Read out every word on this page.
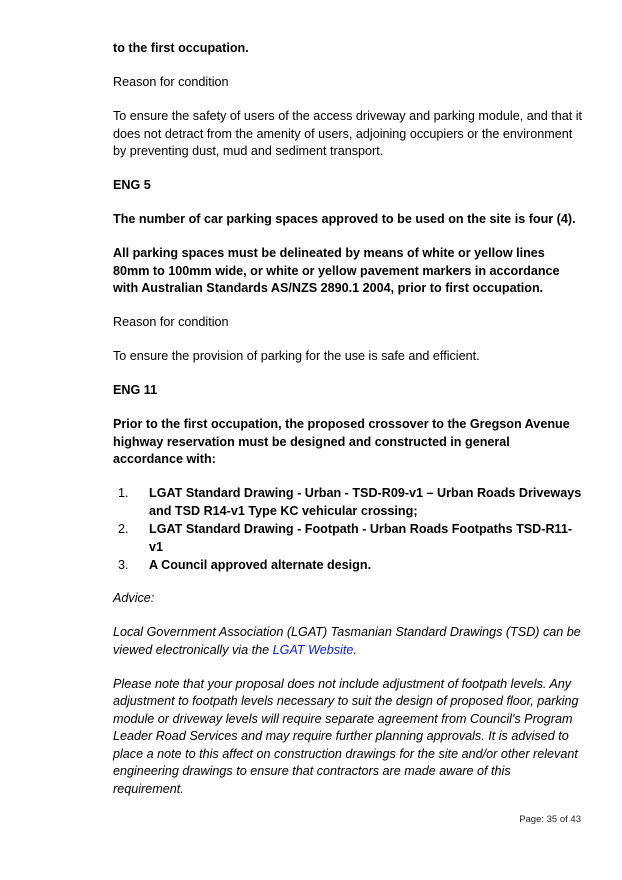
to the first occupation.

Reason for condition

To ensure the safety of users of the access driveway and parking module, and that it does not detract from the amenity of users, adjoining occupiers or the environment by preventing dust, mud and sediment transport.

ENG 5

The number of car parking spaces approved to be used on the site is four (4).

All parking spaces must be delineated by means of white or yellow lines 80mm to 100mm wide, or white or yellow pavement markers in accordance with Australian Standards AS/NZS 2890.1 2004, prior to first occupation.

Reason for condition

To ensure the provision of parking for the use is safe and efficient.

ENG 11

Prior to the first occupation, the proposed crossover to the Gregson Avenue highway reservation must be designed and constructed in general accordance with:

1. LGAT Standard Drawing - Urban - TSD-R09-v1 – Urban Roads Driveways and TSD R14-v1 Type KC vehicular crossing;
2. LGAT Standard Drawing - Footpath - Urban Roads Footpaths TSD-R11-v1
3. A Council approved alternate design.

Advice:

Local Government Association (LGAT) Tasmanian Standard Drawings (TSD) can be viewed electronically via the LGAT Website.

Please note that your proposal does not include adjustment of footpath levels. Any adjustment to footpath levels necessary to suit the design of proposed floor, parking module or driveway levels will require separate agreement from Council's Program Leader Road Services and may require further planning approvals. It is advised to place a note to this affect on construction drawings for the site and/or other relevant engineering drawings to ensure that contractors are made aware of this requirement.

Page: 35 of 43
